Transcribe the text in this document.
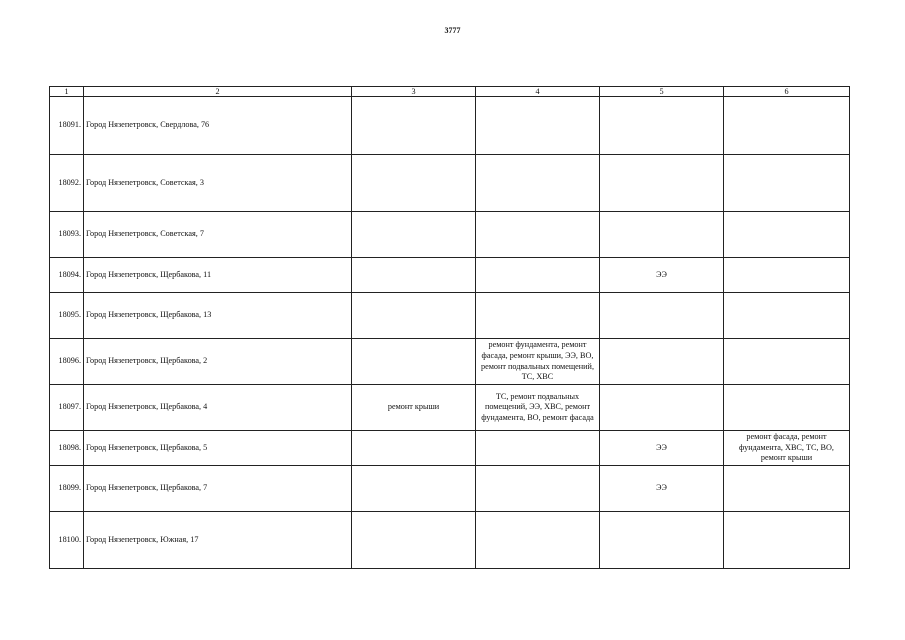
3777
1	2	3	4	5	6
18091.	Город Нязепетровск, Свердлова, 76				
18092.	Город Нязепетровск, Советская, 3				
18093.	Город Нязепетровск, Советская, 7				
18094.	Город Нязепетровск, Щербакова, 11			ЭЭ	
18095.	Город Нязепетровск, Щербакова, 13				
18096.	Город Нязепетровск, Щербакова, 2		ремонт фундамента, ремонт фасада, ремонт крыши, ЭЭ, ВО, ремонт подвальных помещений, ТС, ХВС		
18097.	Город Нязепетровск, Щербакова, 4	ремонт крыши	ТС, ремонт подвальных помещений, ЭЭ, ХВС, ремонт фундамента, ВО, ремонт фасада		
18098.	Город Нязепетровск, Щербакова, 5			ЭЭ	ремонт фасада, ремонт фундамента, ХВС, ТС, ВО, ремонт крыши
18099.	Город Нязепетровск, Щербакова, 7			ЭЭ	
18100.	Город Нязепетровск, Южная, 17				
